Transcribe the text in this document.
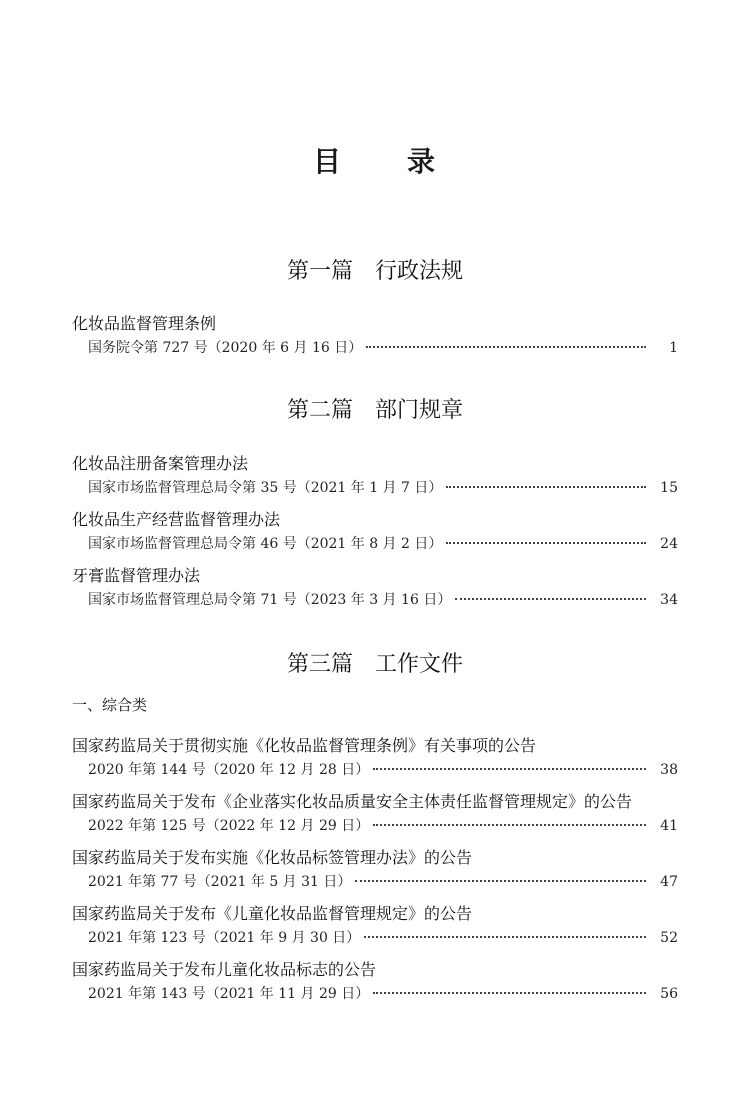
目 录
第一篇 行政法规
化妆品监督管理条例
国务院令第 727 号（2020 年 6 月 16 日）	1
第二篇 部门规章
化妆品注册备案管理办法
国家市场监督管理总局令第 35 号（2021 年 1 月 7 日）	15
化妆品生产经营监督管理办法
国家市场监督管理总局令第 46 号（2021 年 8 月 2 日）	24
牙膏监督管理办法
国家市场监督管理总局令第 71 号（2023 年 3 月 16 日）	34
第三篇 工作文件
一、综合类
国家药监局关于贯彻实施《化妆品监督管理条例》有关事项的公告
2020 年第 144 号（2020 年 12 月 28 日）	38
国家药监局关于发布《企业落实化妆品质量安全主体责任监督管理规定》的公告
2022 年第 125 号（2022 年 12 月 29 日）	41
国家药监局关于发布实施《化妆品标签管理办法》的公告
2021 年第 77 号（2021 年 5 月 31 日）	47
国家药监局关于发布《儿童化妆品监督管理规定》的公告
2021 年第 123 号（2021 年 9 月 30 日）	52
国家药监局关于发布儿童化妆品标志的公告
2021 年第 143 号（2021 年 11 月 29 日）	56
